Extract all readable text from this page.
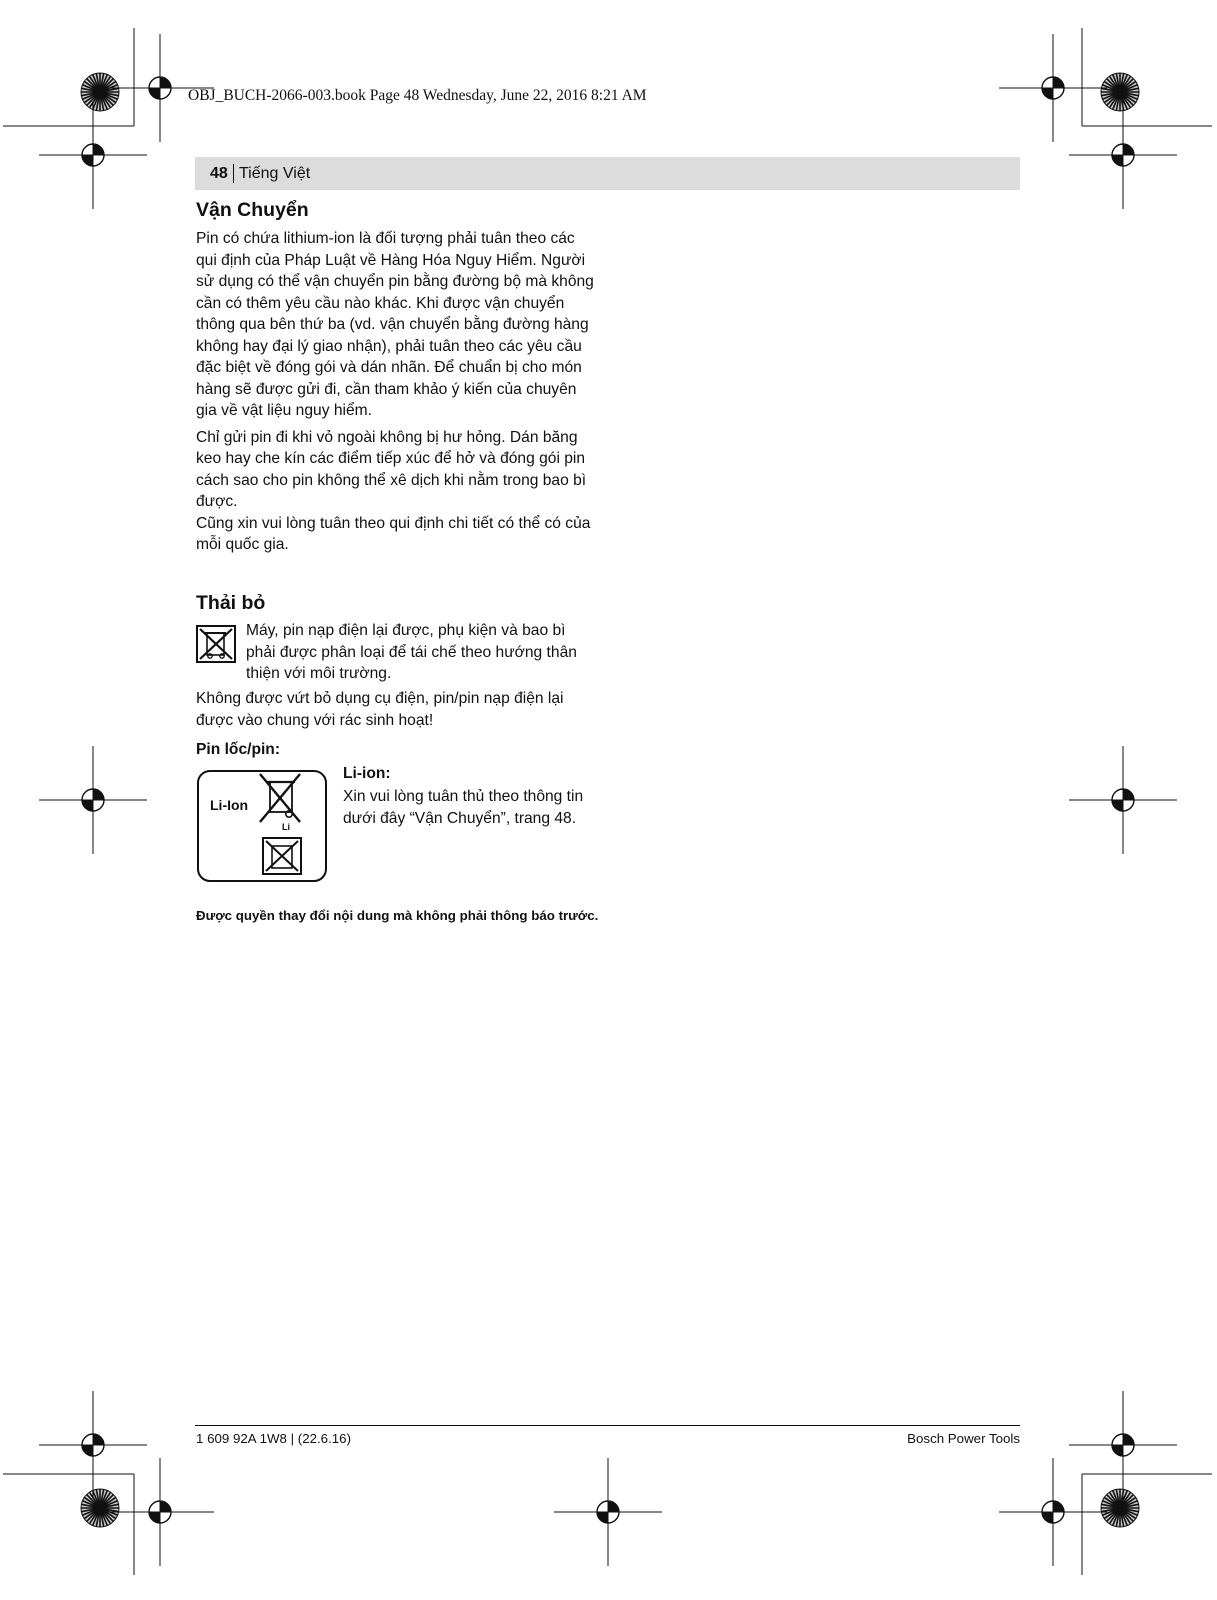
OBJ_BUCH-2066-003.book Page 48 Wednesday, June 22, 2016 8:21 AM
48 Tiếng Việt
Vận Chuyển

Pin có chứa lithium-ion là đối tượng phải tuân theo các qui định của Pháp Luật về Hàng Hóa Nguy Hiểm. Người sử dụng có thể vận chuyển pin bằng đường bộ mà không cần có thêm yêu cầu nào khác. Khi được vận chuyển thông qua bên thứ ba (vd. vận chuyển bằng đường hàng không hay đại lý giao nhận), phải tuân theo các yêu cầu đặc biệt về đóng gói và dán nhãn. Để chuẩn bị cho món hàng sẽ được gửi đi, cần tham khảo ý kiến của chuyên gia về vật liệu nguy hiểm.

Chỉ gửi pin đi khi vỏ ngoài không bị hư hỏng. Dán băng keo hay che kín các điểm tiếp xúc để hở và đóng gói pin cách sao cho pin không thể xê dịch khi nằm trong bao bì được.

Cũng xin vui lòng tuân theo qui định chi tiết có thể có của mỗi quốc gia.

Thải bỏ

Máy, pin nạp điện lại được, phụ kiện và bao bì phải được phân loại để tái chế theo hướng thân thiện với môi trường.

Không được vứt bỏ dụng cụ điện, pin/pin nạp điện lại được vào chung với rác sinh hoạt!

Pin lốc/pin:

Li-Ion
Li
Li-ion:

Xin vui lòng tuân thủ theo thông tin dưới đây “Vận Chuyển”, trang 48.

Được quyền thay đổi nội dung mà không phải thông báo trước.

1 609 92A 1W8 | (22.6.16)	Bosch Power Tools
